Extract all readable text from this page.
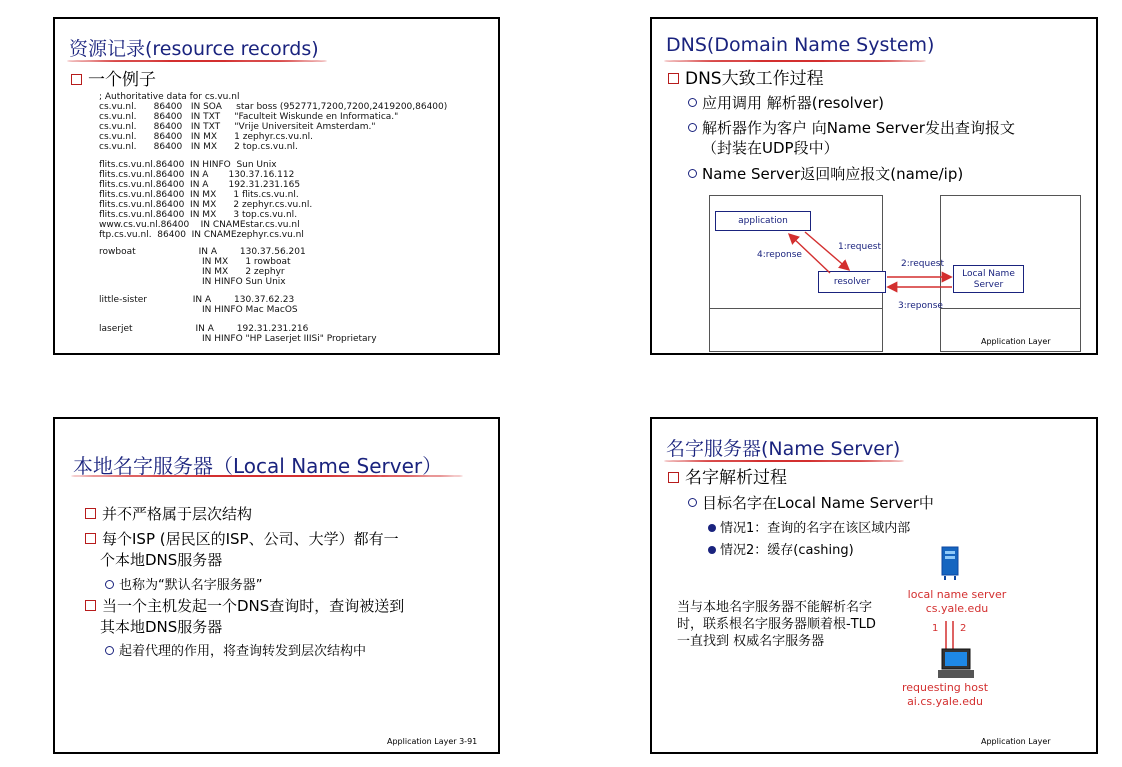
资源记录(resource records)
一个例子
; Authoritative data for cs.vu.nl
cs.vu.nl.      86400   IN SOA     star boss (952771,7200,7200,2419200,86400)
cs.vu.nl.      86400   IN TXT     "Faculteit Wiskunde en Informatica."
cs.vu.nl.      86400   IN TXT     "Vrije Universiteit Amsterdam."
cs.vu.nl.      86400   IN MX      1 zephyr.cs.vu.nl.
cs.vu.nl.      86400   IN MX      2 top.cs.vu.nl.
flits.cs.vu.nl.86400  IN HINFO  Sun Unix
flits.cs.vu.nl.86400  IN A       130.37.16.112
flits.cs.vu.nl.86400  IN A       192.31.231.165
flits.cs.vu.nl.86400  IN MX      1 flits.cs.vu.nl.
flits.cs.vu.nl.86400  IN MX      2 zephyr.cs.vu.nl.
flits.cs.vu.nl.86400  IN MX      3 top.cs.vu.nl.
www.cs.vu.nl.86400    IN CNAMEstar.cs.vu.nl
ftp.cs.vu.nl.  86400  IN CNAMEzephyr.cs.vu.nl
rowboat                      IN A        130.37.56.201
IN MX      1 rowboat
IN MX      2 zephyr
IN HINFO Sun Unix
little-sister                IN A        130.37.62.23
IN HINFO Mac MacOS
laserjet                      IN A        192.31.231.216
IN HINFO "HP Laserjet IIISi" Proprietary
DNS(Domain Name System)
DNS大致工作过程
应用调用 解析器(resolver)
解析器作为客户 向Name Server发出查询报文
（封装在UDP段中）
Name Server返回响应报文(name/ip)
application
resolver
Local Name Server
1:request
4:reponse
2:request
3:reponse
Application Layer
本地名字服务器（Local Name Server）
并不严格属于层次结构
每个ISP (居民区的ISP、公司、大学）都有一
个本地DNS服务器
也称为“默认名字服务器”
当一个主机发起一个DNS查询时，查询被送到
其本地DNS服务器
起着代理的作用，将查询转发到层次结构中
Application Layer 3-91
名字服务器(Name Server)
名字解析过程
目标名字在Local Name Server中
情况1：查询的名字在该区域内部
情况2：缓存(cashing)
当与本地名字服务器不能解析名字时，联系根名字服务器顺着根-TLD 一直找到 权威名字服务器
local name server
cs.yale.edu
1 2
requesting host
ai.cs.yale.edu
Application Layer
